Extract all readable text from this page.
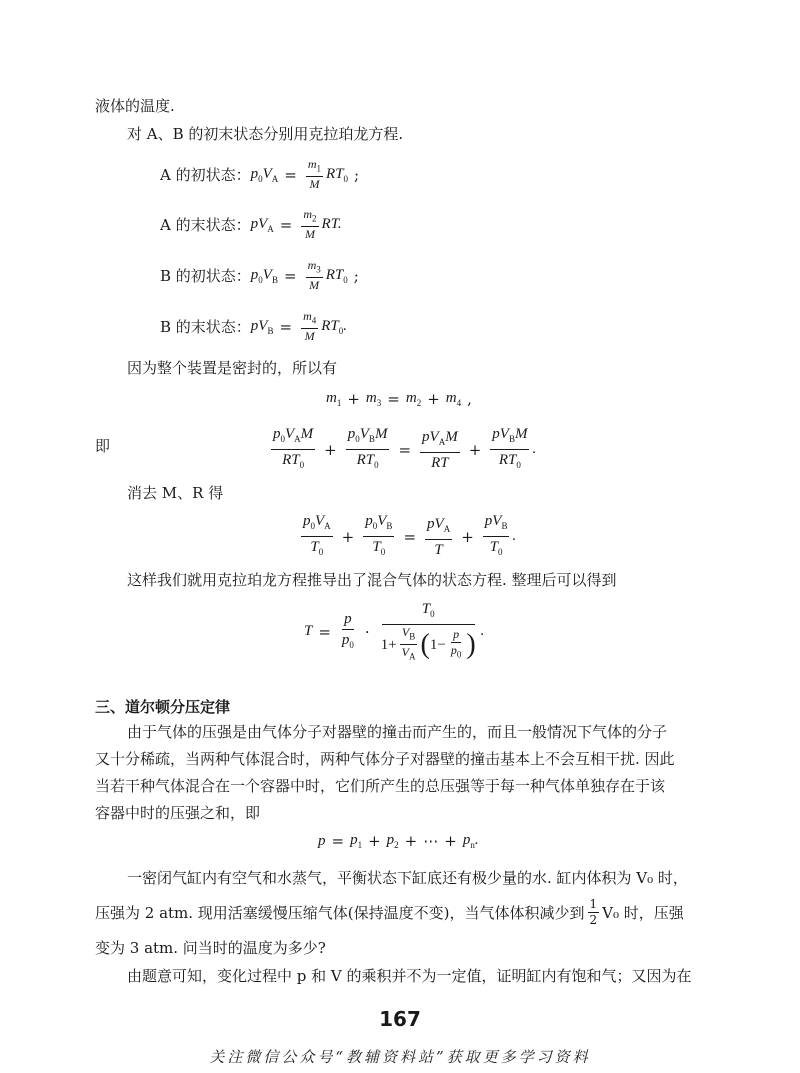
液体的温度.
对 A、B 的初末状态分别用克拉珀龙方程.
A 的初状态： $p_0V_A = \frac{m_1}{M} RT_0$ ;
A 的末状态： $pV_A = \frac{m_2}{M}$ RT.
B 的初状态： $p_0V_B = \frac{m_3}{M} RT_0$ ;
B 的末状态： $pV_B = \frac{m_4}{M} RT_0$.
因为整个装置是密封的，所以有
$m_1 + m_3 = m_2 + m_4$ ,
即	$\frac{p_0V_AM}{RT_0} + \frac{p_0V_BM}{RT_0} = \frac{pV_AM}{RT} + \frac{pV_BM}{RT_0}$ .
消去 M、R 得
$\frac{p_0V_A}{T_0} + \frac{p_0V_B}{T_0} = \frac{pV_A}{T} + \frac{pV_B}{T_0}$ .
这样我们就用克拉珀龙方程推导出了混合气体的状态方程. 整理后可以得到
$T = \frac{p}{p_0} \cdot \frac{T_0}{1+ \frac{V_B}{V_A} ( 1- \frac{p}{p_0} )}$ .
三、道尔顿分压定律
由于气体的压强是由气体分子对器壁的撞击而产生的，而且一般情况下气体的分子
又十分稀疏，当两种气体混合时，两种气体分子对器壁的撞击基本上不会互相干扰. 因此
当若干种气体混合在一个容器中时，它们所产生的总压强等于每一种气体单独存在于该
容器中时的压强之和，即
$p = p_1 + p_2$ + ⋯ + $p_n$.
一密闭气缸内有空气和水蒸气，平衡状态下缸底还有极少量的水. 缸内体积为 V₀ 时，
压强为 2 atm. 现用活塞缓慢压缩气体(保持温度不变)，当气体体积减少到 $\frac{1}{2} V_0$ 时，压强
变为 3 atm. 问当时的温度为多少?
由题意可知，变化过程中 p 和 V 的乘积并不为一定值，证明缸内有饱和气；又因为在
167
关注微信公众号“教辅资料站”获取更多学习资料
